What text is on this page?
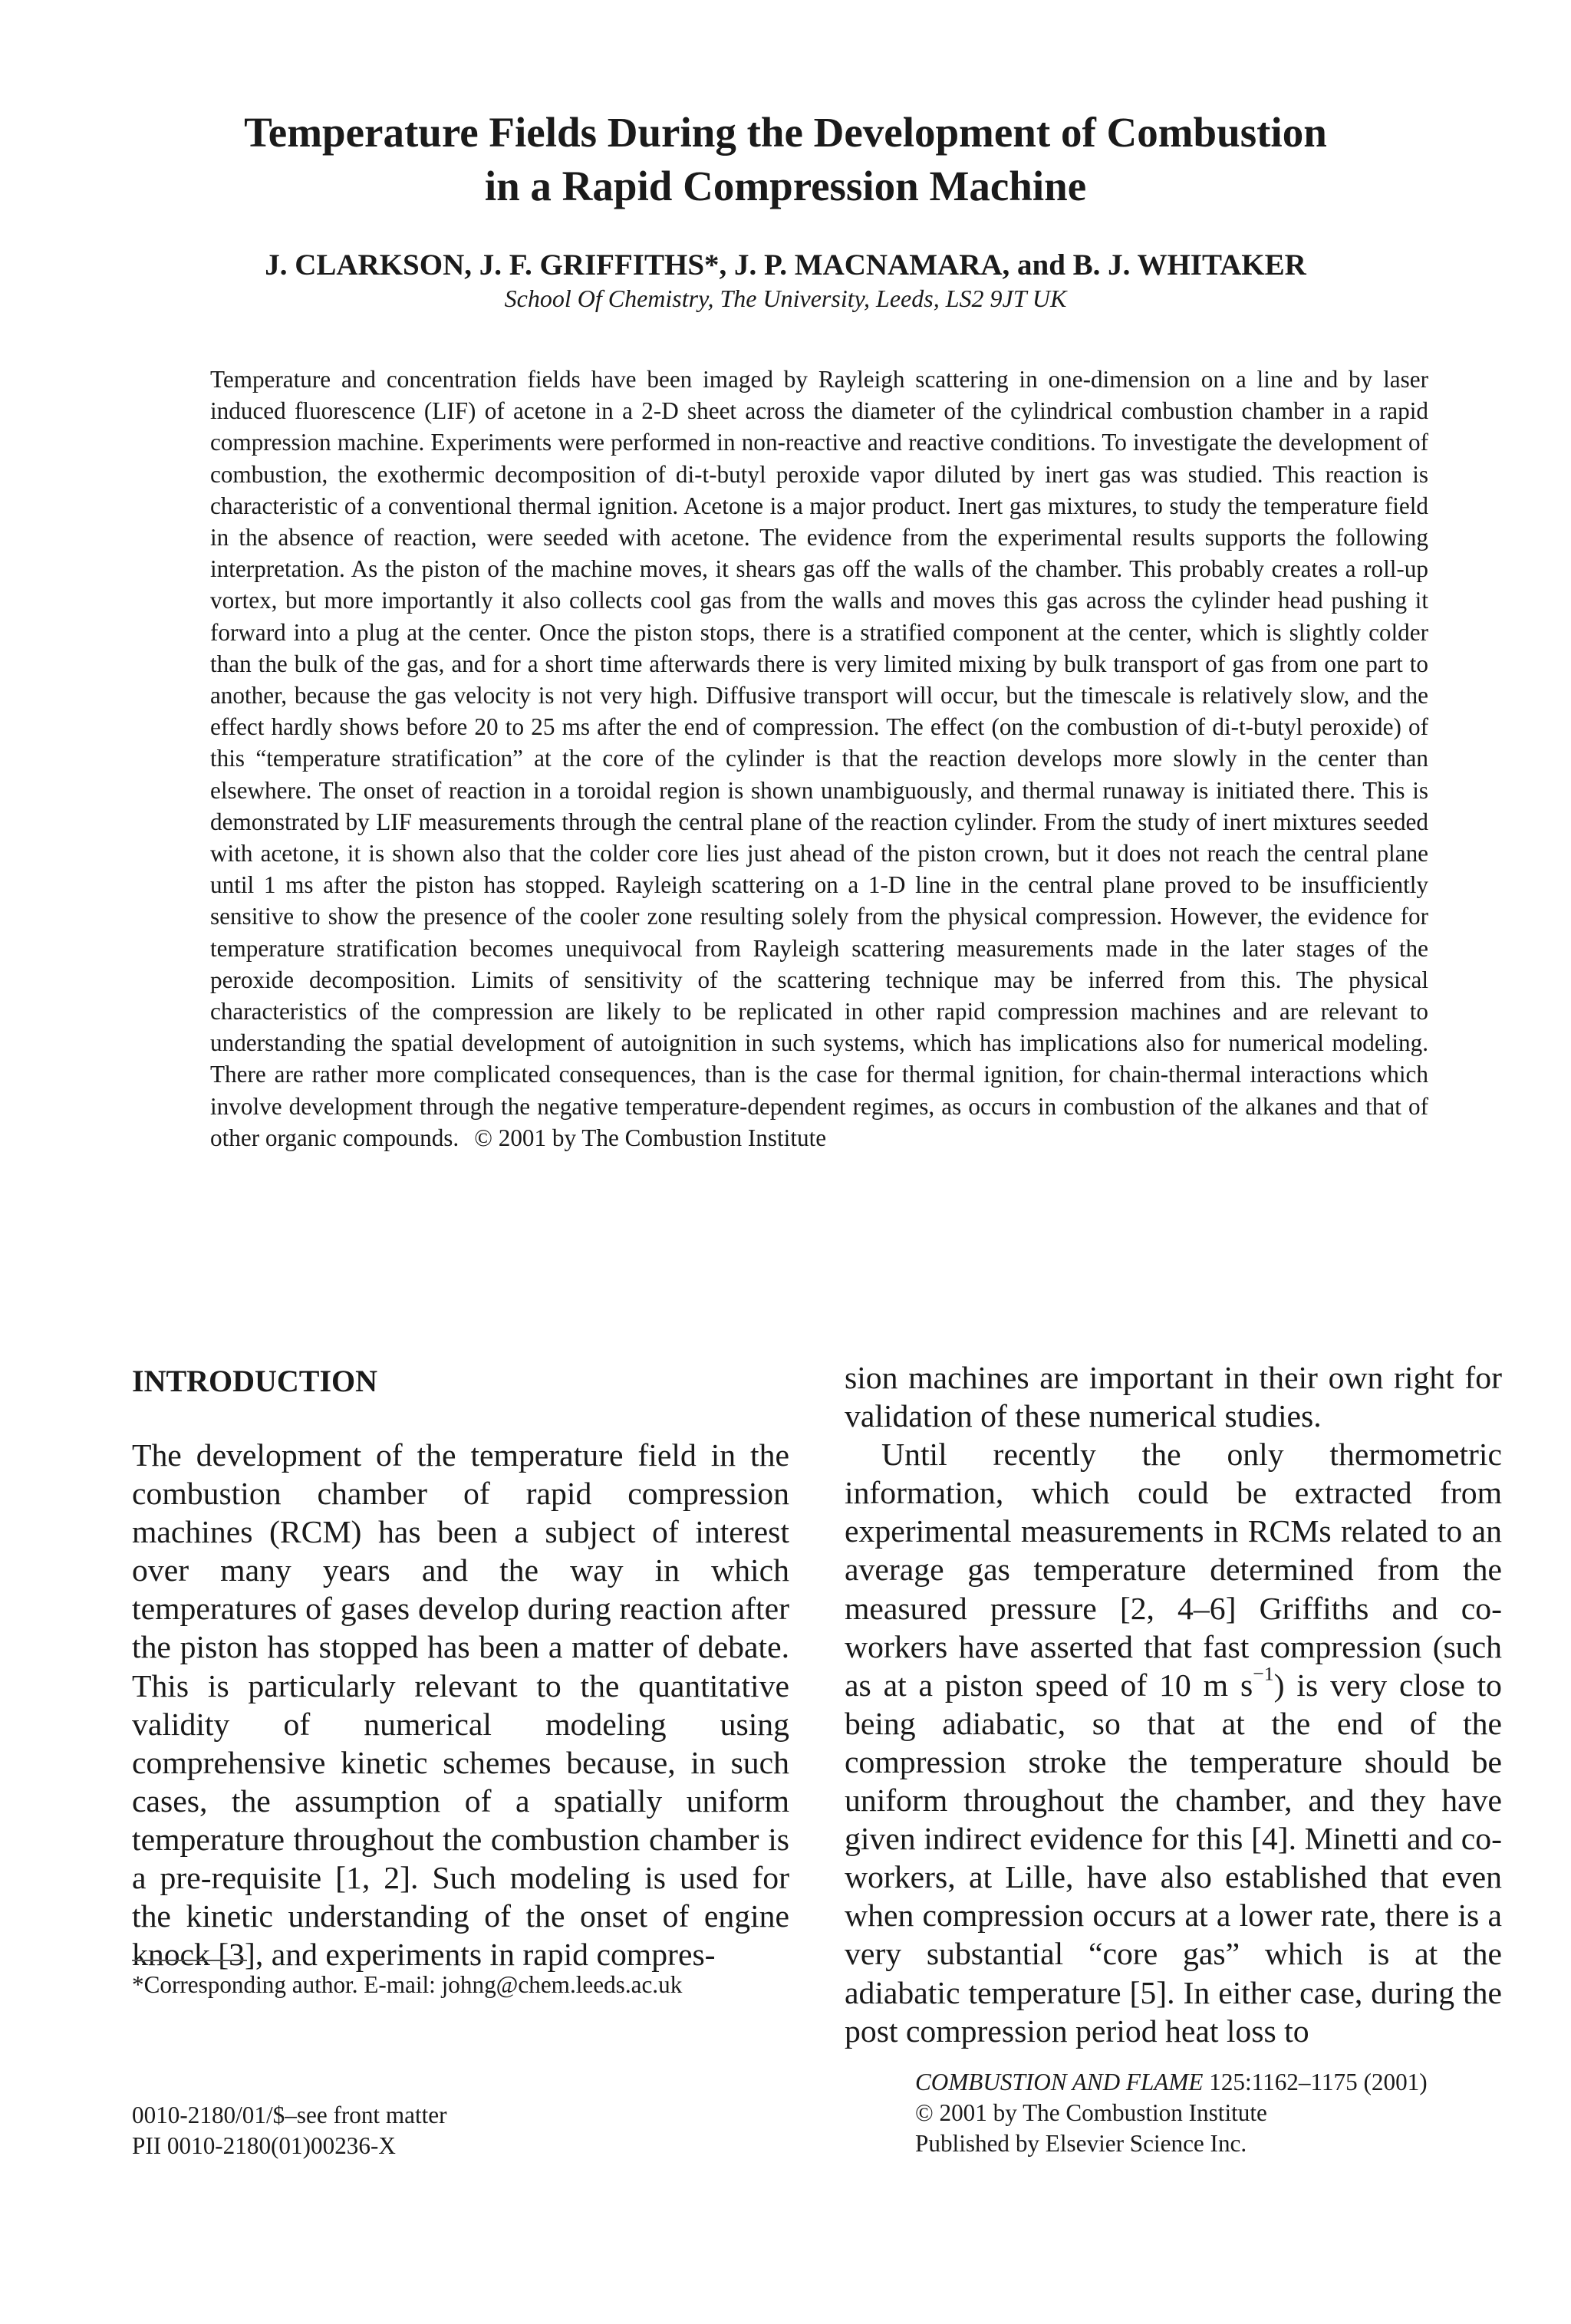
Temperature Fields During the Development of Combustion
in a Rapid Compression Machine
J. CLARKSON, J. F. GRIFFITHS*, J. P. MACNAMARA, and B. J. WHITAKER
School Of Chemistry, The University, Leeds, LS2 9JT UK

Temperature and concentration fields have been imaged by Rayleigh scattering in one-dimension on a line and by laser induced fluorescence (LIF) of acetone in a 2-D sheet across the diameter of the cylindrical combustion chamber in a rapid compression machine. Experiments were performed in non-reactive and reactive conditions. To investigate the development of combustion, the exothermic decomposition of di-t-butyl peroxide vapor diluted by inert gas was studied. This reaction is characteristic of a conventional thermal ignition. Acetone is a major product. Inert gas mixtures, to study the temperature field in the absence of reaction, were seeded with acetone. The evidence from the experimental results supports the following interpretation. As the piston of the machine moves, it shears gas off the walls of the chamber. This probably creates a roll-up vortex, but more importantly it also collects cool gas from the walls and moves this gas across the cylinder head pushing it forward into a plug at the center. Once the piston stops, there is a stratified component at the center, which is slightly colder than the bulk of the gas, and for a short time afterwards there is very limited mixing by bulk transport of gas from one part to another, because the gas velocity is not very high. Diffusive transport will occur, but the timescale is relatively slow, and the effect hardly shows before 20 to 25 ms after the end of compression. The effect (on the combustion of di-t-butyl peroxide) of this “temperature stratification” at the core of the cylinder is that the reaction develops more slowly in the center than elsewhere. The onset of reaction in a toroidal region is shown unambiguously, and thermal runaway is initiated there. This is demonstrated by LIF measurements through the central plane of the reaction cylinder. From the study of inert mixtures seeded with acetone, it is shown also that the colder core lies just ahead of the piston crown, but it does not reach the central plane until 1 ms after the piston has stopped. Rayleigh scattering on a 1-D line in the central plane proved to be insufficiently sensitive to show the presence of the cooler zone resulting solely from the physical compression. However, the evidence for temperature stratification becomes unequivocal from Rayleigh scattering measurements made in the later stages of the peroxide decomposition. Limits of sensitivity of the scattering technique may be inferred from this. The physical characteristics of the compression are likely to be replicated in other rapid compression machines and are relevant to understanding the spatial development of autoignition in such systems, which has implications also for numerical modeling. There are rather more complicated consequences, than is the case for thermal ignition, for chain-thermal interactions which involve development through the negative temperature-dependent regimes, as occurs in combustion of the alkanes and that of other organic compounds. © 2001 by The Combustion Institute

INTRODUCTION

The development of the temperature field in the combustion chamber of rapid compression machines (RCM) has been a subject of interest over many years and the way in which temperatures of gases develop during reaction after the piston has stopped has been a matter of debate. This is particularly relevant to the quantitative validity of numerical modeling using comprehensive kinetic schemes because, in such cases, the assumption of a spatially uniform temperature throughout the combustion chamber is a pre-requisite [1, 2]. Such modeling is used for the kinetic understanding of the onset of engine knock [3], and experiments in rapid compres-

sion machines are important in their own right for validation of these numerical studies.

Until recently the only thermometric information, which could be extracted from experimental measurements in RCMs related to an average gas temperature determined from the measured pressure [2, 4–6] Griffiths and co-workers have asserted that fast compression (such as at a piston speed of 10 m $s^{-1}$) is very close to being adiabatic, so that at the end of the compression stroke the temperature should be uniform throughout the chamber, and they have given indirect evidence for this [4]. Minetti and co-workers, at Lille, have also established that even when compression occurs at a lower rate, there is a very substantial “core gas” which is at the adiabatic temperature [5]. In either case, during the post compression period heat loss to

*Corresponding author. E-mail: johng@chem.leeds.ac.uk
0010-2180/01/$–see front matter
PII 0010-2180(01)00236-X
COMBUSTION AND FLAME 125:1162–1175 (2001)
© 2001 by The Combustion Institute
Published by Elsevier Science Inc.
